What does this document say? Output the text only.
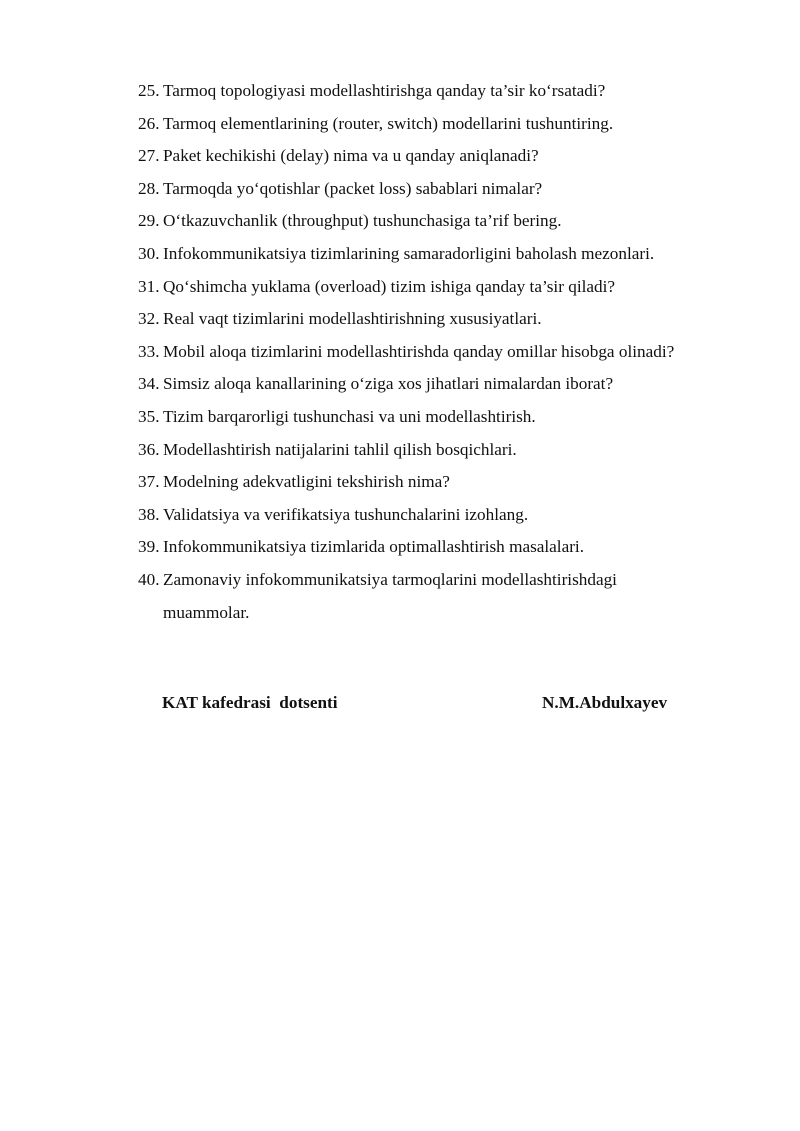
25. Tarmoq topologiyasi modellashtirishga qanday ta’sir ko‘rsatadi?
26. Tarmoq elementlarining (router, switch) modellarini tushuntiring.
27. Paket kechikishi (delay) nima va u qanday aniqlanadi?
28. Tarmoqda yo‘qotishlar (packet loss) sabablari nimalar?
29. O‘tkazuvchanlik (throughput) tushunchasiga ta’rif bering.
30. Infokommunikatsiya tizimlarining samaradorligini baholash mezonlari.
31. Qo‘shimcha yuklama (overload) tizim ishiga qanday ta’sir qiladi?
32. Real vaqt tizimlarini modellashtirishning xususiyatlari.
33. Mobil aloqa tizimlarini modellashtirishda qanday omillar hisobga olinadi?
34. Simsiz aloqa kanallarining o‘ziga xos jihatlari nimalardan iborat?
35. Tizim barqarorligi tushunchasi va uni modellashtirish.
36. Modellashtirish natijalarini tahlil qilish bosqichlari.
37. Modelning adekvatligini tekshirish nima?
38. Validatsiya va verifikatsiya tushunchalarini izohlang.
39. Infokommunikatsiya tizimlarida optimallashtirish masalalari.
40. Zamonaviy infokommunikatsiya tarmoqlarini modellashtirishdagi muammolar.
KAT kafedrasi  dotsenti	N.M.Abdulxayev
